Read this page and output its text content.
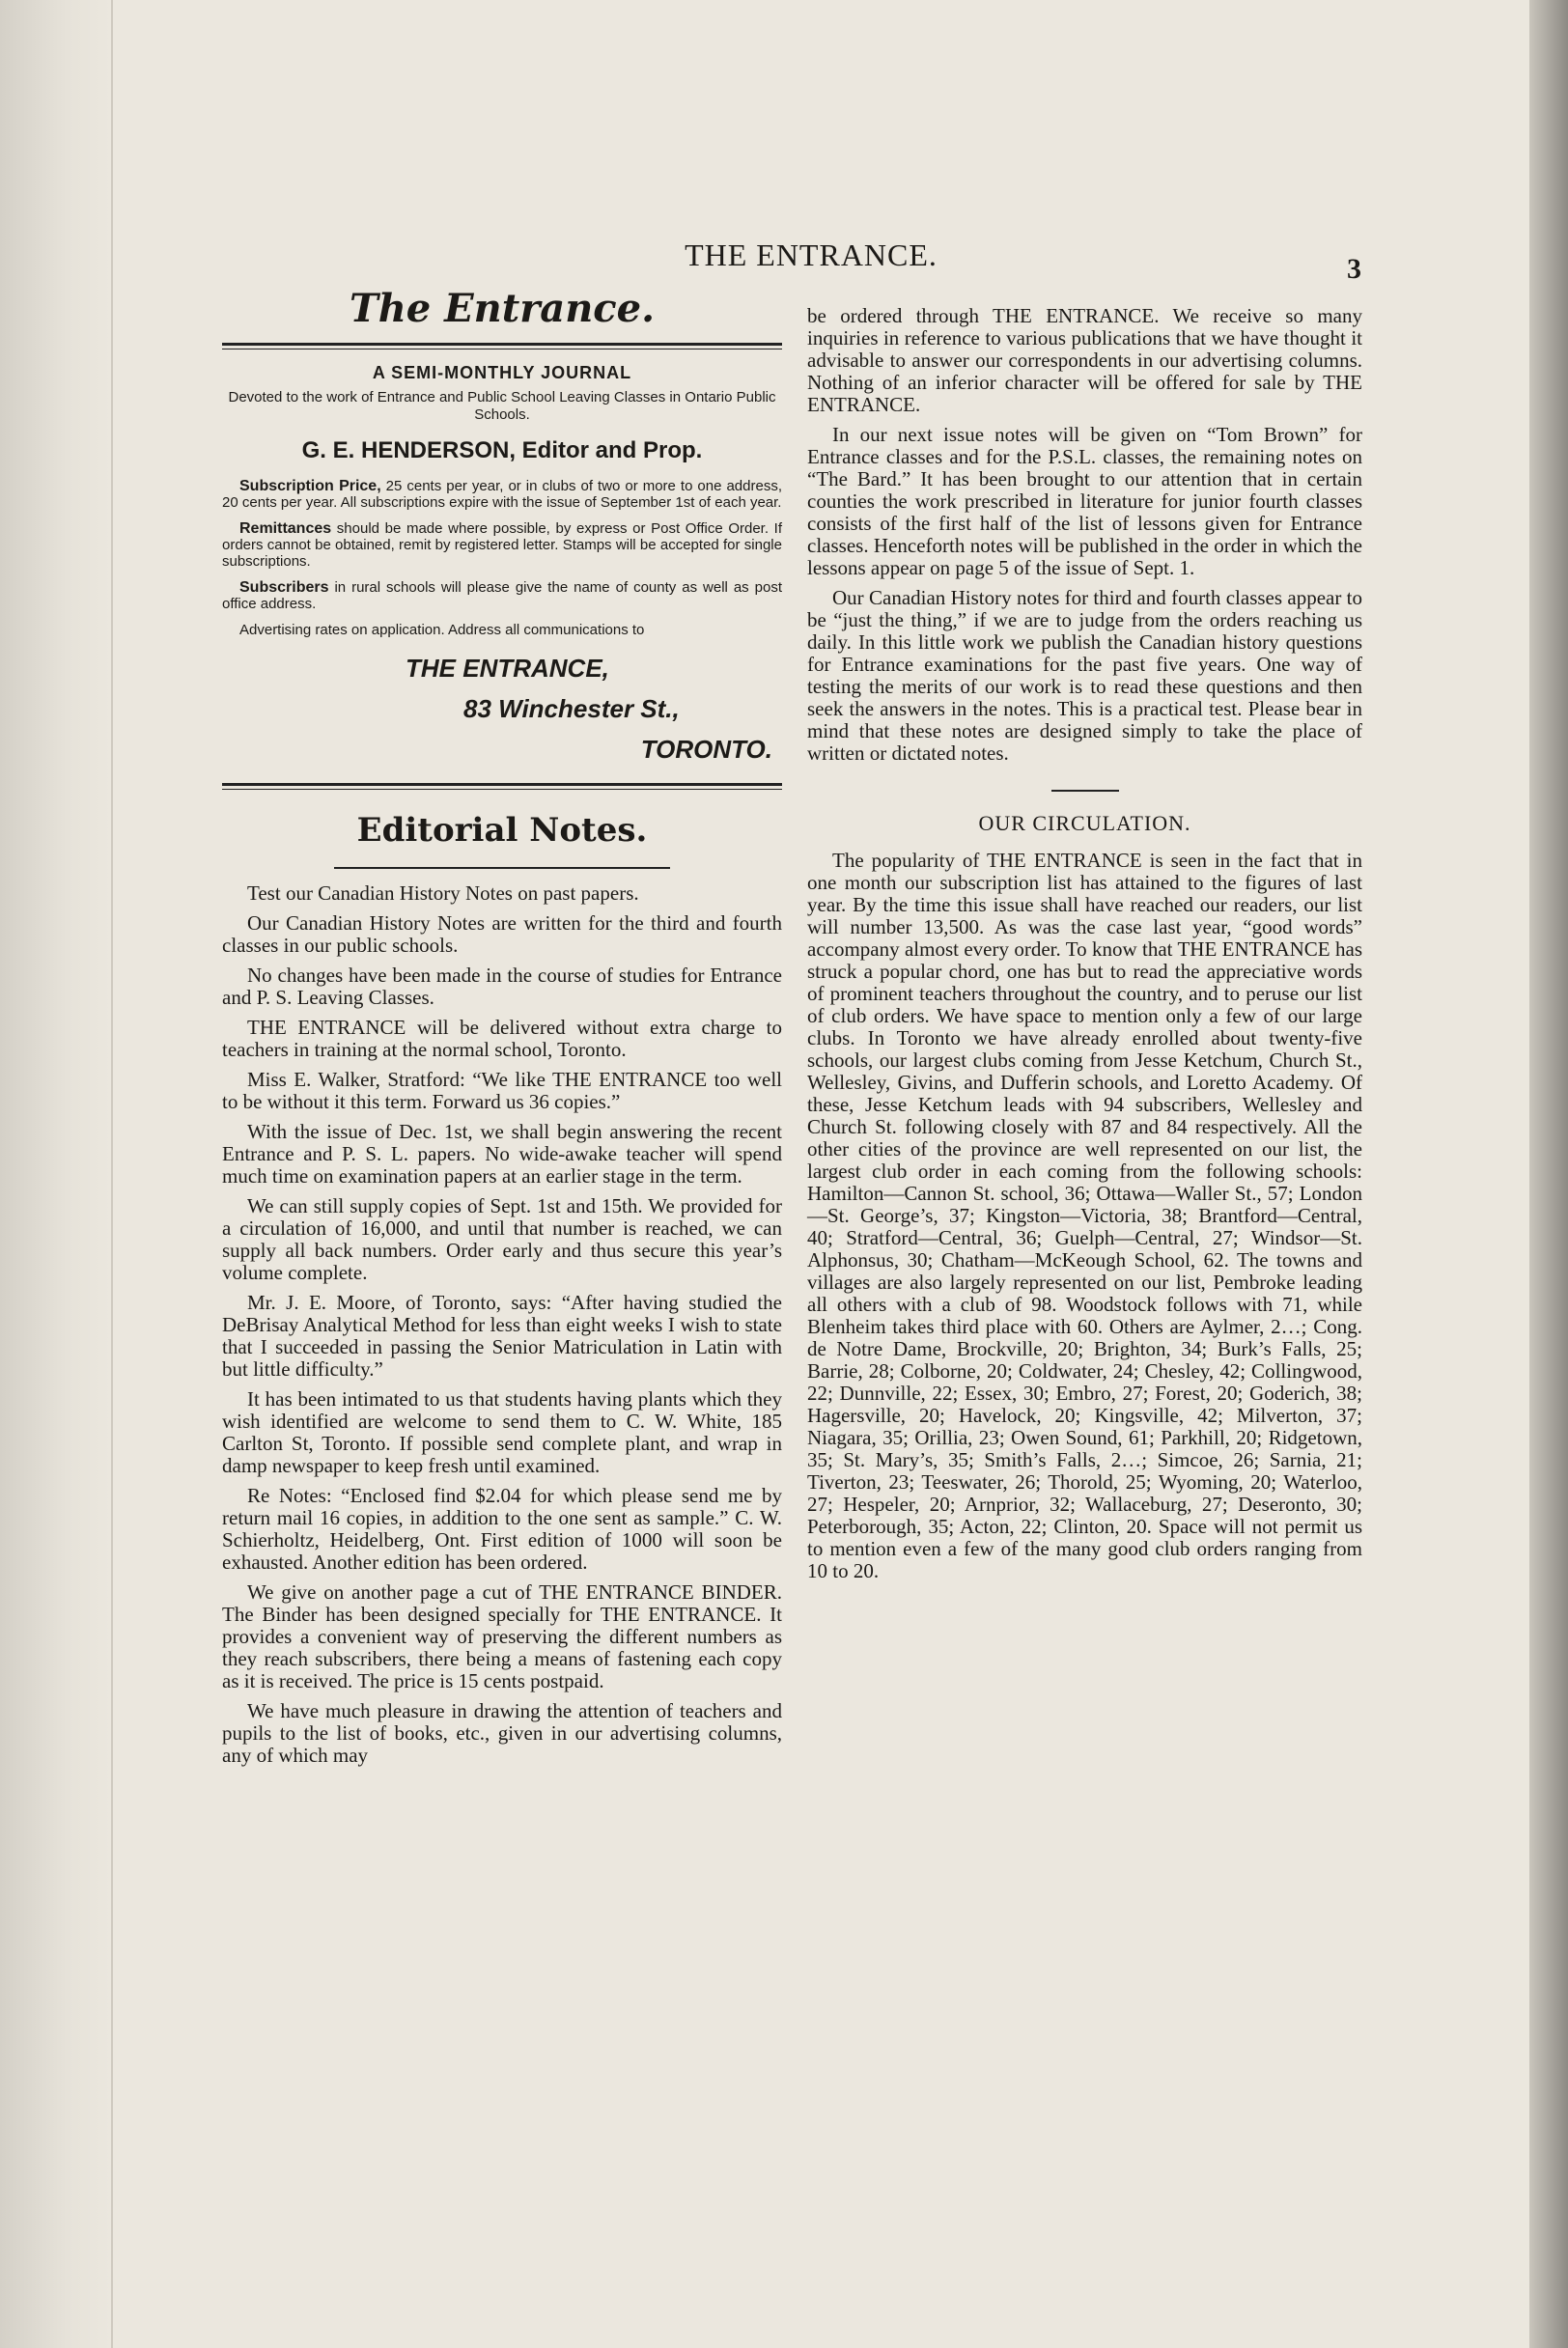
THE ENTRANCE.	3
The Entrance.
A SEMI-MONTHLY JOURNAL
Devoted to the work of Entrance and Public School Leaving Classes in Ontario Public Schools.
G. E. HENDERSON, Editor and Prop.

Subscription Price, 25 cents per year, or in clubs of two or more to one address, 20 cents per year. All subscriptions expire with the issue of September 1st of each year.

Remittances should be made where possible, by express or Post Office Order. If orders cannot be obtained, remit by registered letter. Stamps will be accepted for single subscriptions.

Subscribers in rural schools will please give the name of county as well as post office address.

Advertising rates on application. Address all communications to

THE ENTRANCE,
83 Winchester St.,
TORONTO.
Editorial Notes.

Test our Canadian History Notes on past papers.

Our Canadian History Notes are written for the third and fourth classes in our public schools.

No changes have been made in the course of studies for Entrance and P. S. Leaving Classes.

THE ENTRANCE will be delivered without extra charge to teachers in training at the normal school, Toronto.

Miss E. Walker, Stratford: “We like THE ENTRANCE too well to be without it this term. Forward us 36 copies.”

With the issue of Dec. 1st, we shall begin answering the recent Entrance and P. S. L. papers. No wide-awake teacher will spend much time on examination papers at an earlier stage in the term.

We can still supply copies of Sept. 1st and 15th. We provided for a circulation of 16,000, and until that number is reached, we can supply all back numbers. Order early and thus secure this year’s volume complete.

Mr. J. E. Moore, of Toronto, says: “After having studied the DeBrisay Analytical Method for less than eight weeks I wish to state that I succeeded in passing the Senior Matriculation in Latin with but little difficulty.”

It has been intimated to us that students having plants which they wish identified are welcome to send them to C. W. White, 185 Carlton St, Toronto. If possible send complete plant, and wrap in damp newspaper to keep fresh until examined.

Re Notes: “Enclosed find $2.04 for which please send me by return mail 16 copies, in addition to the one sent as sample.” C. W. Schierholtz, Heidelberg, Ont. First edition of 1000 will soon be exhausted. Another edition has been ordered.

We give on another page a cut of THE ENTRANCE BINDER. The Binder has been designed specially for THE ENTRANCE. It provides a convenient way of preserving the different numbers as they reach subscribers, there being a means of fastening each copy as it is received. The price is 15 cents postpaid.

We have much pleasure in drawing the attention of teachers and pupils to the list of books, etc., given in our advertising columns, any of which may

be ordered through THE ENTRANCE. We receive so many inquiries in reference to various publications that we have thought it advisable to answer our correspondents in our advertising columns. Nothing of an inferior character will be offered for sale by THE ENTRANCE.

In our next issue notes will be given on “Tom Brown” for Entrance classes and for the P.S.L. classes, the remaining notes on “The Bard.” It has been brought to our attention that in certain counties the work prescribed in literature for junior fourth classes consists of the first half of the list of lessons given for Entrance classes. Henceforth notes will be published in the order in which the lessons appear on page 5 of the issue of Sept. 1.

Our Canadian History notes for third and fourth classes appear to be “just the thing,” if we are to judge from the orders reaching us daily. In this little work we publish the Canadian history questions for Entrance examinations for the past five years. One way of testing the merits of our work is to read these questions and then seek the answers in the notes. This is a practical test. Please bear in mind that these notes are designed simply to take the place of written or dictated notes.

OUR CIRCULATION.

The popularity of THE ENTRANCE is seen in the fact that in one month our subscription list has attained to the figures of last year. By the time this issue shall have reached our readers, our list will number 13,500. As was the case last year, “good words” accompany almost every order. To know that THE ENTRANCE has struck a popular chord, one has but to read the appreciative words of prominent teachers throughout the country, and to peruse our list of club orders. We have space to mention only a few of our large clubs. In Toronto we have already enrolled about twenty-five schools, our largest clubs coming from Jesse Ketchum, Church St., Wellesley, Givins, and Dufferin schools, and Loretto Academy. Of these, Jesse Ketchum leads with 94 subscribers, Wellesley and Church St. following closely with 87 and 84 respectively. All the other cities of the province are well represented on our list, the largest club order in each coming from the following schools: Hamilton—Cannon St. school, 36; Ottawa—Waller St., 57; London—St. George’s, 37; Kingston—Victoria, 38; Brantford—Central, 40; Stratford—Central, 36; Guelph—Central, 27; Windsor—St. Alphonsus, 30; Chatham—McKeough School, 62. The towns and villages are also largely represented on our list, Pembroke leading all others with a club of 98. Woodstock follows with 71, while Blenheim takes third place with 60. Others are Aylmer, 2…; Cong. de Notre Dame, Brockville, 20; Brighton, 34; Burk’s Falls, 25; Barrie, 28; Colborne, 20; Coldwater, 24; Chesley, 42; Collingwood, 22; Dunnville, 22; Essex, 30; Embro, 27; Forest, 20; Goderich, 38; Hagersville, 20; Havelock, 20; Kingsville, 42; Milverton, 37; Niagara, 35; Orillia, 23; Owen Sound, 61; Parkhill, 20; Ridgetown, 35; St. Mary’s, 35; Smith’s Falls, 2…; Simcoe, 26; Sarnia, 21; Tiverton, 23; Teeswater, 26; Thorold, 25; Wyoming, 20; Waterloo, 27; Hespeler, 20; Arnprior, 32; Wallaceburg, 27; Deseronto, 30; Peterborough, 35; Acton, 22; Clinton, 20. Space will not permit us to mention even a few of the many good club orders ranging from 10 to 20.
